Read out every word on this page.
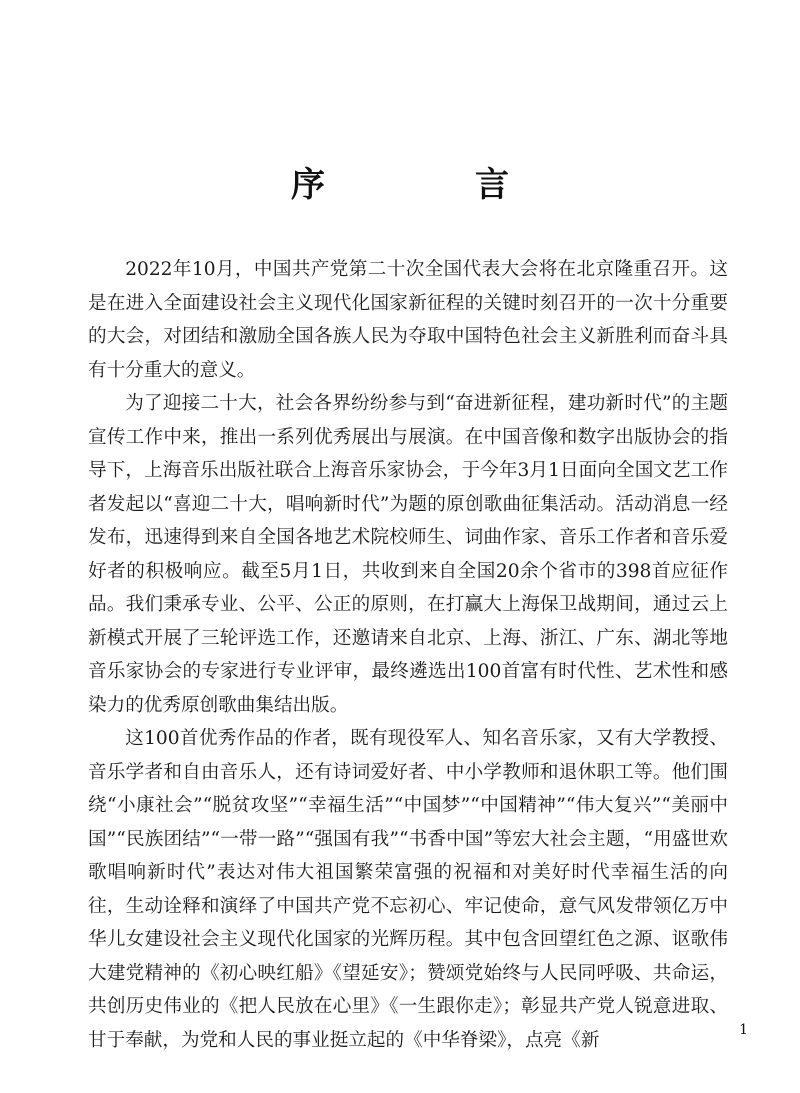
序　言

2022年10月，中国共产党第二十次全国代表大会将在北京隆重召开。这是在进入全面建设社会主义现代化国家新征程的关键时刻召开的一次十分重要的大会，对团结和激励全国各族人民为夺取中国特色社会主义新胜利而奋斗具有十分重大的意义。

为了迎接二十大，社会各界纷纷参与到“奋进新征程，建功新时代”的主题宣传工作中来，推出一系列优秀展出与展演。在中国音像和数字出版协会的指导下，上海音乐出版社联合上海音乐家协会，于今年3月1日面向全国文艺工作者发起以“喜迎二十大，唱响新时代”为题的原创歌曲征集活动。活动消息一经发布，迅速得到来自全国各地艺术院校师生、词曲作家、音乐工作者和音乐爱好者的积极响应。截至5月1日，共收到来自全国20余个省市的398首应征作品。我们秉承专业、公平、公正的原则，在打赢大上海保卫战期间，通过云上新模式开展了三轮评选工作，还邀请来自北京、上海、浙江、广东、湖北等地音乐家协会的专家进行专业评审，最终遴选出100首富有时代性、艺术性和感染力的优秀原创歌曲集结出版。

这100首优秀作品的作者，既有现役军人、知名音乐家，又有大学教授、音乐学者和自由音乐人，还有诗词爱好者、中小学教师和退休职工等。他们围绕“小康社会”“脱贫攻坚”“幸福生活”“中国梦”“中国精神”“伟大复兴”“美丽中国”“民族团结”“一带一路”“强国有我”“书香中国”等宏大社会主题，“用盛世欢歌唱响新时代”表达对伟大祖国繁荣富强的祝福和对美好时代幸福生活的向往，生动诠释和演绎了中国共产党不忘初心、牢记使命，意气风发带领亿万中华儿女建设社会主义现代化国家的光辉历程。其中包含回望红色之源、讴歌伟大建党精神的《初心映红船》《望延安》；赞颂党始终与人民同呼吸、共命运，共创历史伟业的《把人民放在心里》《一生跟你走》；彰显共产党人锐意进取、甘于奉献，为党和人民的事业挺立起的《中华脊梁》，点亮《新	1
